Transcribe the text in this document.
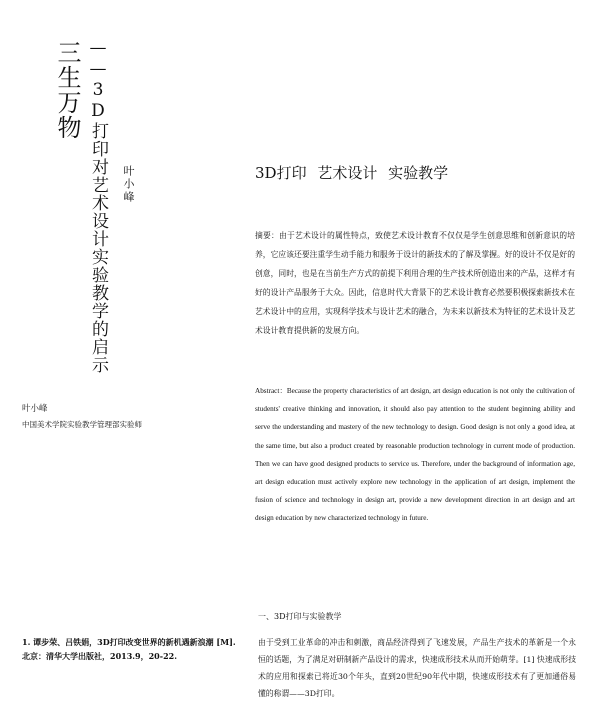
三生万物 ——3D打印对艺术设计实验教学的启示 叶小峰
叶小峰
中国美术学院实验教学管理部实验师
1. 谭步荣、吕铁娟，3D打印改变世界的新机遇新浪潮 [M]. 北京：清华大学出版社，2013.9，20-22.
3D打印 艺术设计 实验教学
摘要：由于艺术设计的属性特点，致使艺术设计教育不仅仅是学生创意思维和创新意识的培养，它应该还要注重学生动手能力和服务于设计的新技术的了解及掌握。好的设计不仅是好的创意，同时，也是在当前生产方式的前提下利用合理的生产技术所创造出来的产品，这样才有好的设计产品服务于大众。因此，信息时代大背景下的艺术设计教育必然要积极探索新技术在艺术设计中的应用，实现科学技术与设计艺术的融合，为未来以新技术为特征的艺术设计及艺术设计教育提供新的发展方向。
Abstract：Because the property characteristics of art design, art design education is not only the cultivation of students' creative thinking and innovation, it should also pay attention to the student beginning ability and serve the understanding and mastery of the new technology to design. Good design is not only a good idea, at the same time, but also a product created by reasonable production technology in current mode of production. Then we can have good designed products to service us. Therefore, under the background of information age, art design education must actively explore new technology in the application of art design, implement the fusion of science and technology in design art, provide a new development direction in art design and art design education by new characterized technology in future.
一、3D打印与实验教学
由于受到工业革命的冲击和刺激，商品经济得到了飞速发展，产品生产技术的革新是一个永恒的话题，为了满足对研制新产品设计的需求，快速成形技术从而开始萌芽。[1] 快速成形技术的应用和探索已将近30个年头，直到20世纪90年代中期，快速成形技术有了更加通俗易懂的称谓——3D打印。
